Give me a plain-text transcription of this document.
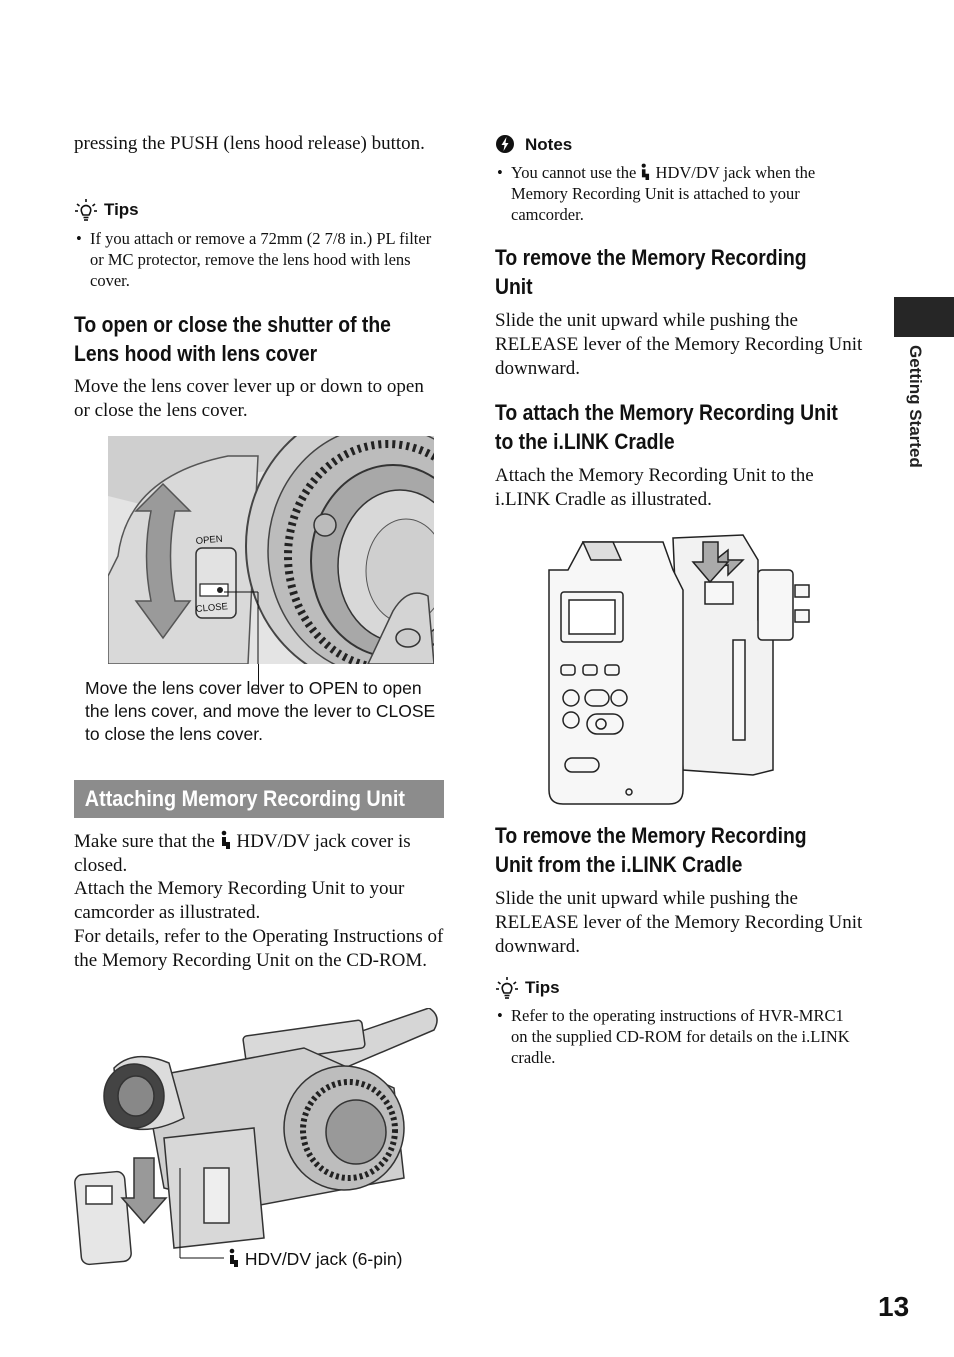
pressing the PUSH (lens hood release) button.
Tips
• If you attach or remove a 72mm (2 7/8 in.) PL filter or MC protector, remove the lens hood with lens cover.
To open or close the shutter of the
Lens hood with lens cover
Move the lens cover lever up or down to open or close the lens cover.
OPEN
CLOSE
Move the lens cover lever to OPEN to open the lens cover, and move the lever to CLOSE to close the lens cover.
Attaching Memory Recording Unit
Make sure that the HDV/DV jack cover is closed.
Attach the Memory Recording Unit to your camcorder as illustrated.
For details, refer to the Operating Instructions of the Memory Recording Unit on the CD-ROM.
HDV/DV jack (6-pin)
Notes
• You cannot use the HDV/DV jack when the Memory Recording Unit is attached to your camcorder.
To remove the Memory Recording
Unit
Slide the unit upward while pushing the RELEASE lever of the Memory Recording Unit downward.
To attach the Memory Recording Unit
to the i.LINK Cradle
Attach the Memory Recording Unit to the i.LINK Cradle as illustrated.
To remove the Memory Recording
Unit from the i.LINK Cradle
Slide the unit upward while pushing the RELEASE lever of the Memory Recording Unit downward.
Tips
• Refer to the operating instructions of HVR-MRC1 on the supplied CD-ROM for details on the i.LINK cradle.
Getting Started
13
